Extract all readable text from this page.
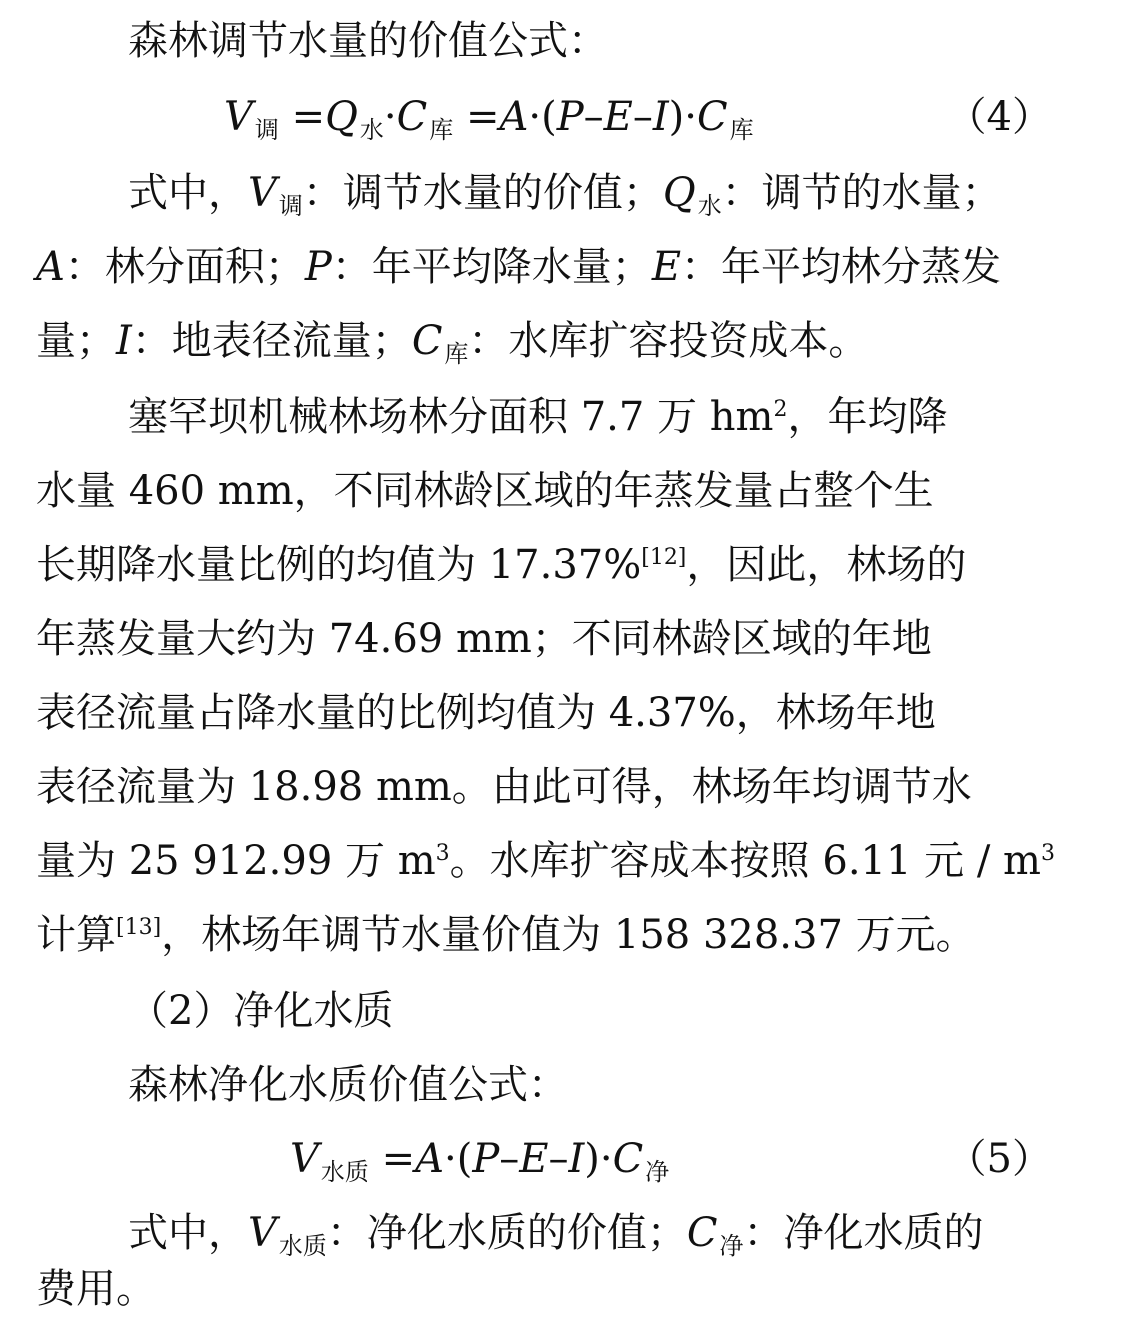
森林调节水量的价值公式：
$V_调 =Q_水\cdot C_库 =A\cdot(P-E-I)\cdot C_库$	（4）
式中，$V_调$：调节水量的价值；$Q_水$：调节的水量；
A：林分面积；P：年平均降水量；E：年平均林分蒸发
量；I：地表径流量；$C_库$：水库扩容投资成本。
塞罕坝机械林场林分面积 7.7 万 $hm^2$，年均降
水量 460 mm，不同林龄区域的年蒸发量占整个生
长期降水量比例的均值为 17.37%[12]，因此，林场的
年蒸发量大约为 74.69 mm；不同林龄区域的年地
表径流量占降水量的比例均值为 4.37%，林场年地
表径流量为 18.98 mm。由此可得，林场年均调节水
量为 25 912.99 万 $m^3$。水库扩容成本按照 6.11 元 / $m^3$
计算[13]，林场年调节水量价值为 158 328.37 万元。
（2）净化水质
森林净化水质价值公式：
$V_{水质} =A\cdot(P-E-I)\cdot C_净$	（5）
式中，$V_{水质}$：净化水质的价值；$C_净$：净化水质的
费用。
